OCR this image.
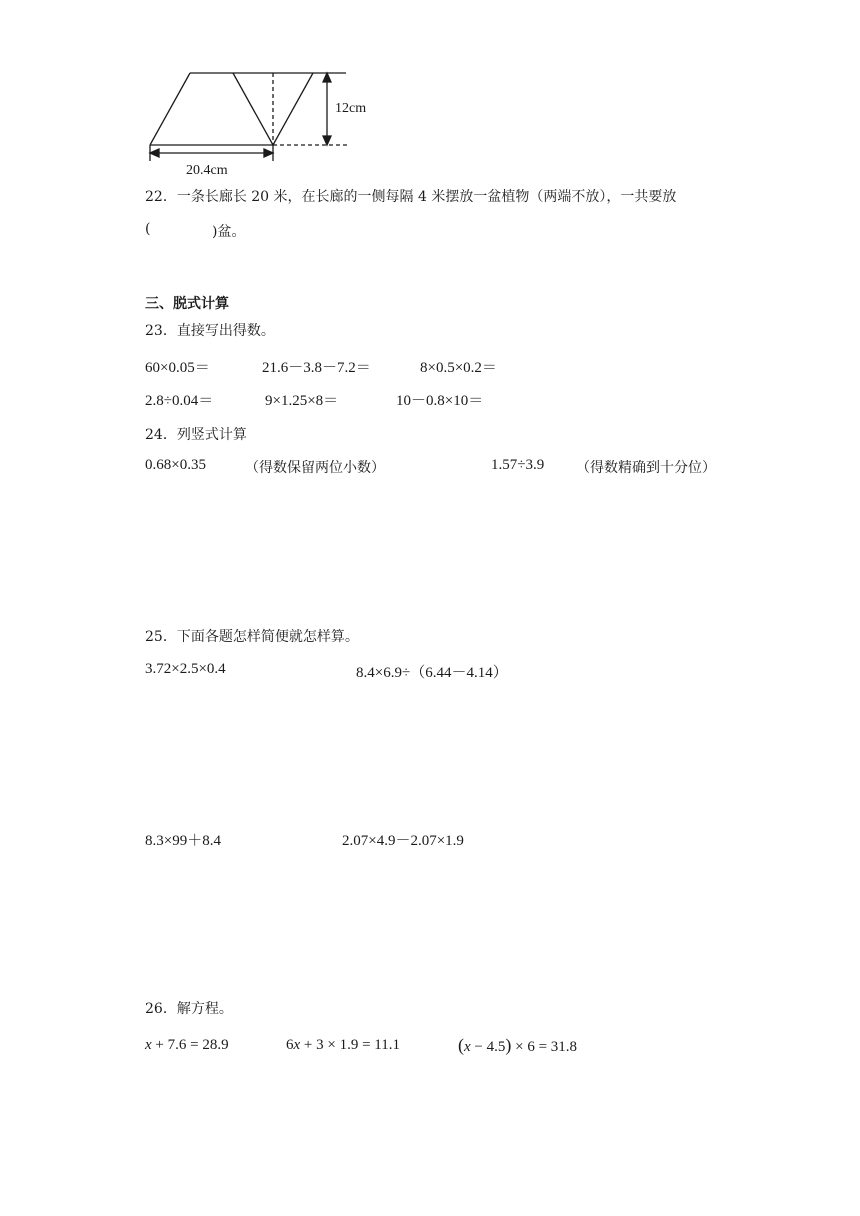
12cm
20.4cm
22．一条长廊长 20 米，在长廊的一侧每隔 4 米摆放一盆植物（两端不放），一共要放
(	)盆。
三、脱式计算
23．直接写出得数。
60×0.05＝	21.6－3.8－7.2＝	8×0.5×0.2＝
2.8÷0.04＝	9×1.25×8＝	10－0.8×10＝
24．列竖式计算
0.68×0.35	（得数保留两位小数）	1.57÷3.9 （得数精确到十分位）
25．下面各题怎样简便就怎样算。
3.72×2.5×0.4	8.4×6.9÷（6.44－4.14）
8.3×99＋8.4	2.07×4.9－2.07×1.9
26．解方程。
x + 7.6 = 28.9	6x + 3 × 1.9 = 11.1	(x − 4.5) × 6 = 31.8
